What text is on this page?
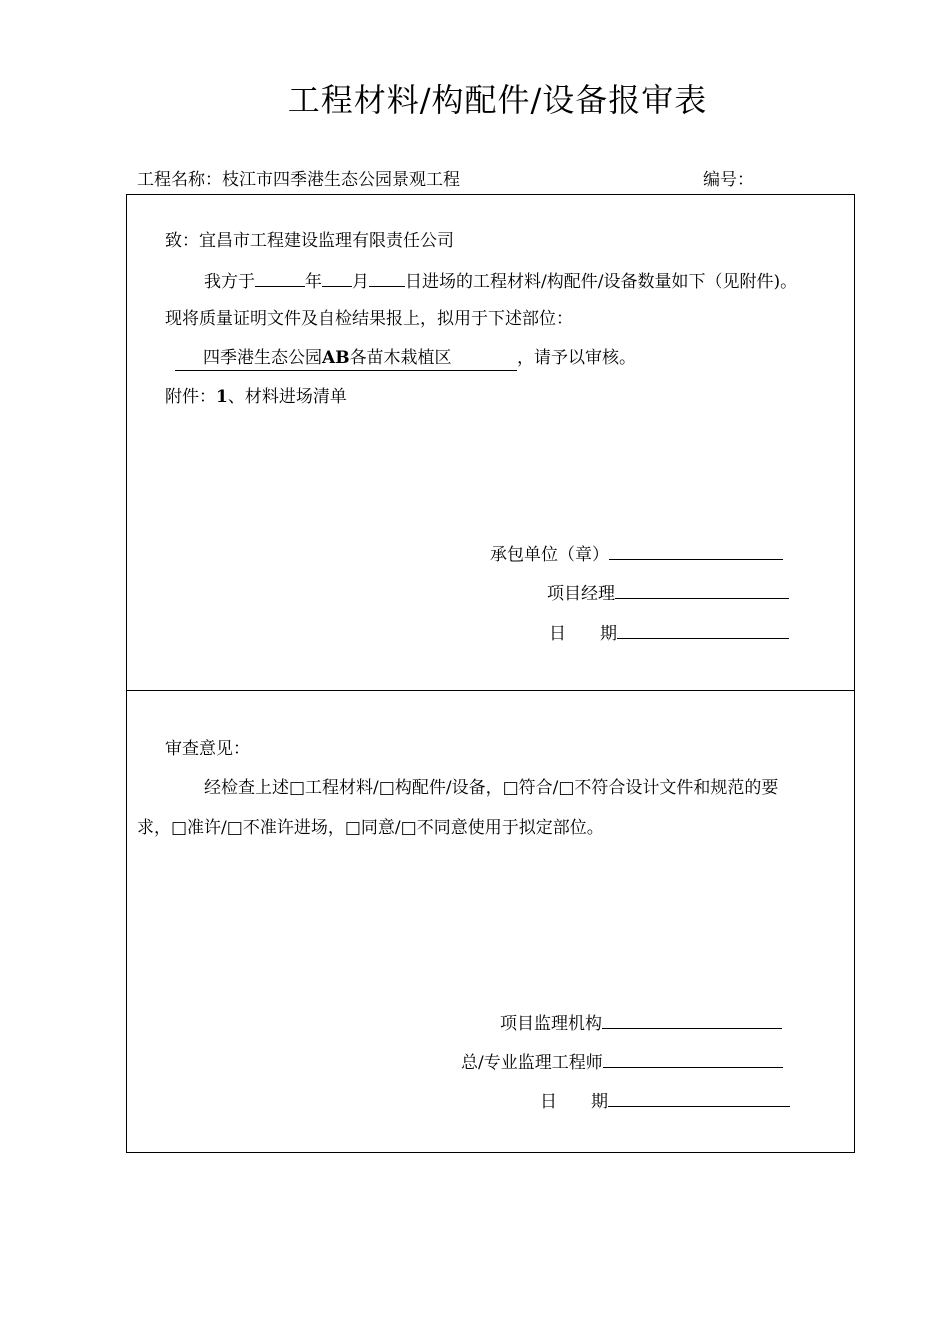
工程材料/构配件/设备报审表
工程名称：枝江市四季港生态公园景观工程	编号：
致：宜昌市工程建设监理有限责任公司
我方于	年 月 日进场的工程材料/构配件/设备数量如下（见附件)。
现将质量证明文件及自检结果报上，拟用于下述部位：
四季港生态公园AB各苗木栽植区	，请予以审核。
附件：1、材料进场清单
承包单位（章）
项目经理
日　　期
审查意见：
经检查上述□工程材料/□构配件/设备，□符合/□不符合设计文件和规范的要
求，□准许/□不准许进场，□同意/□不同意使用于拟定部位。
项目监理机构
总/专业监理工程师
日　　期
